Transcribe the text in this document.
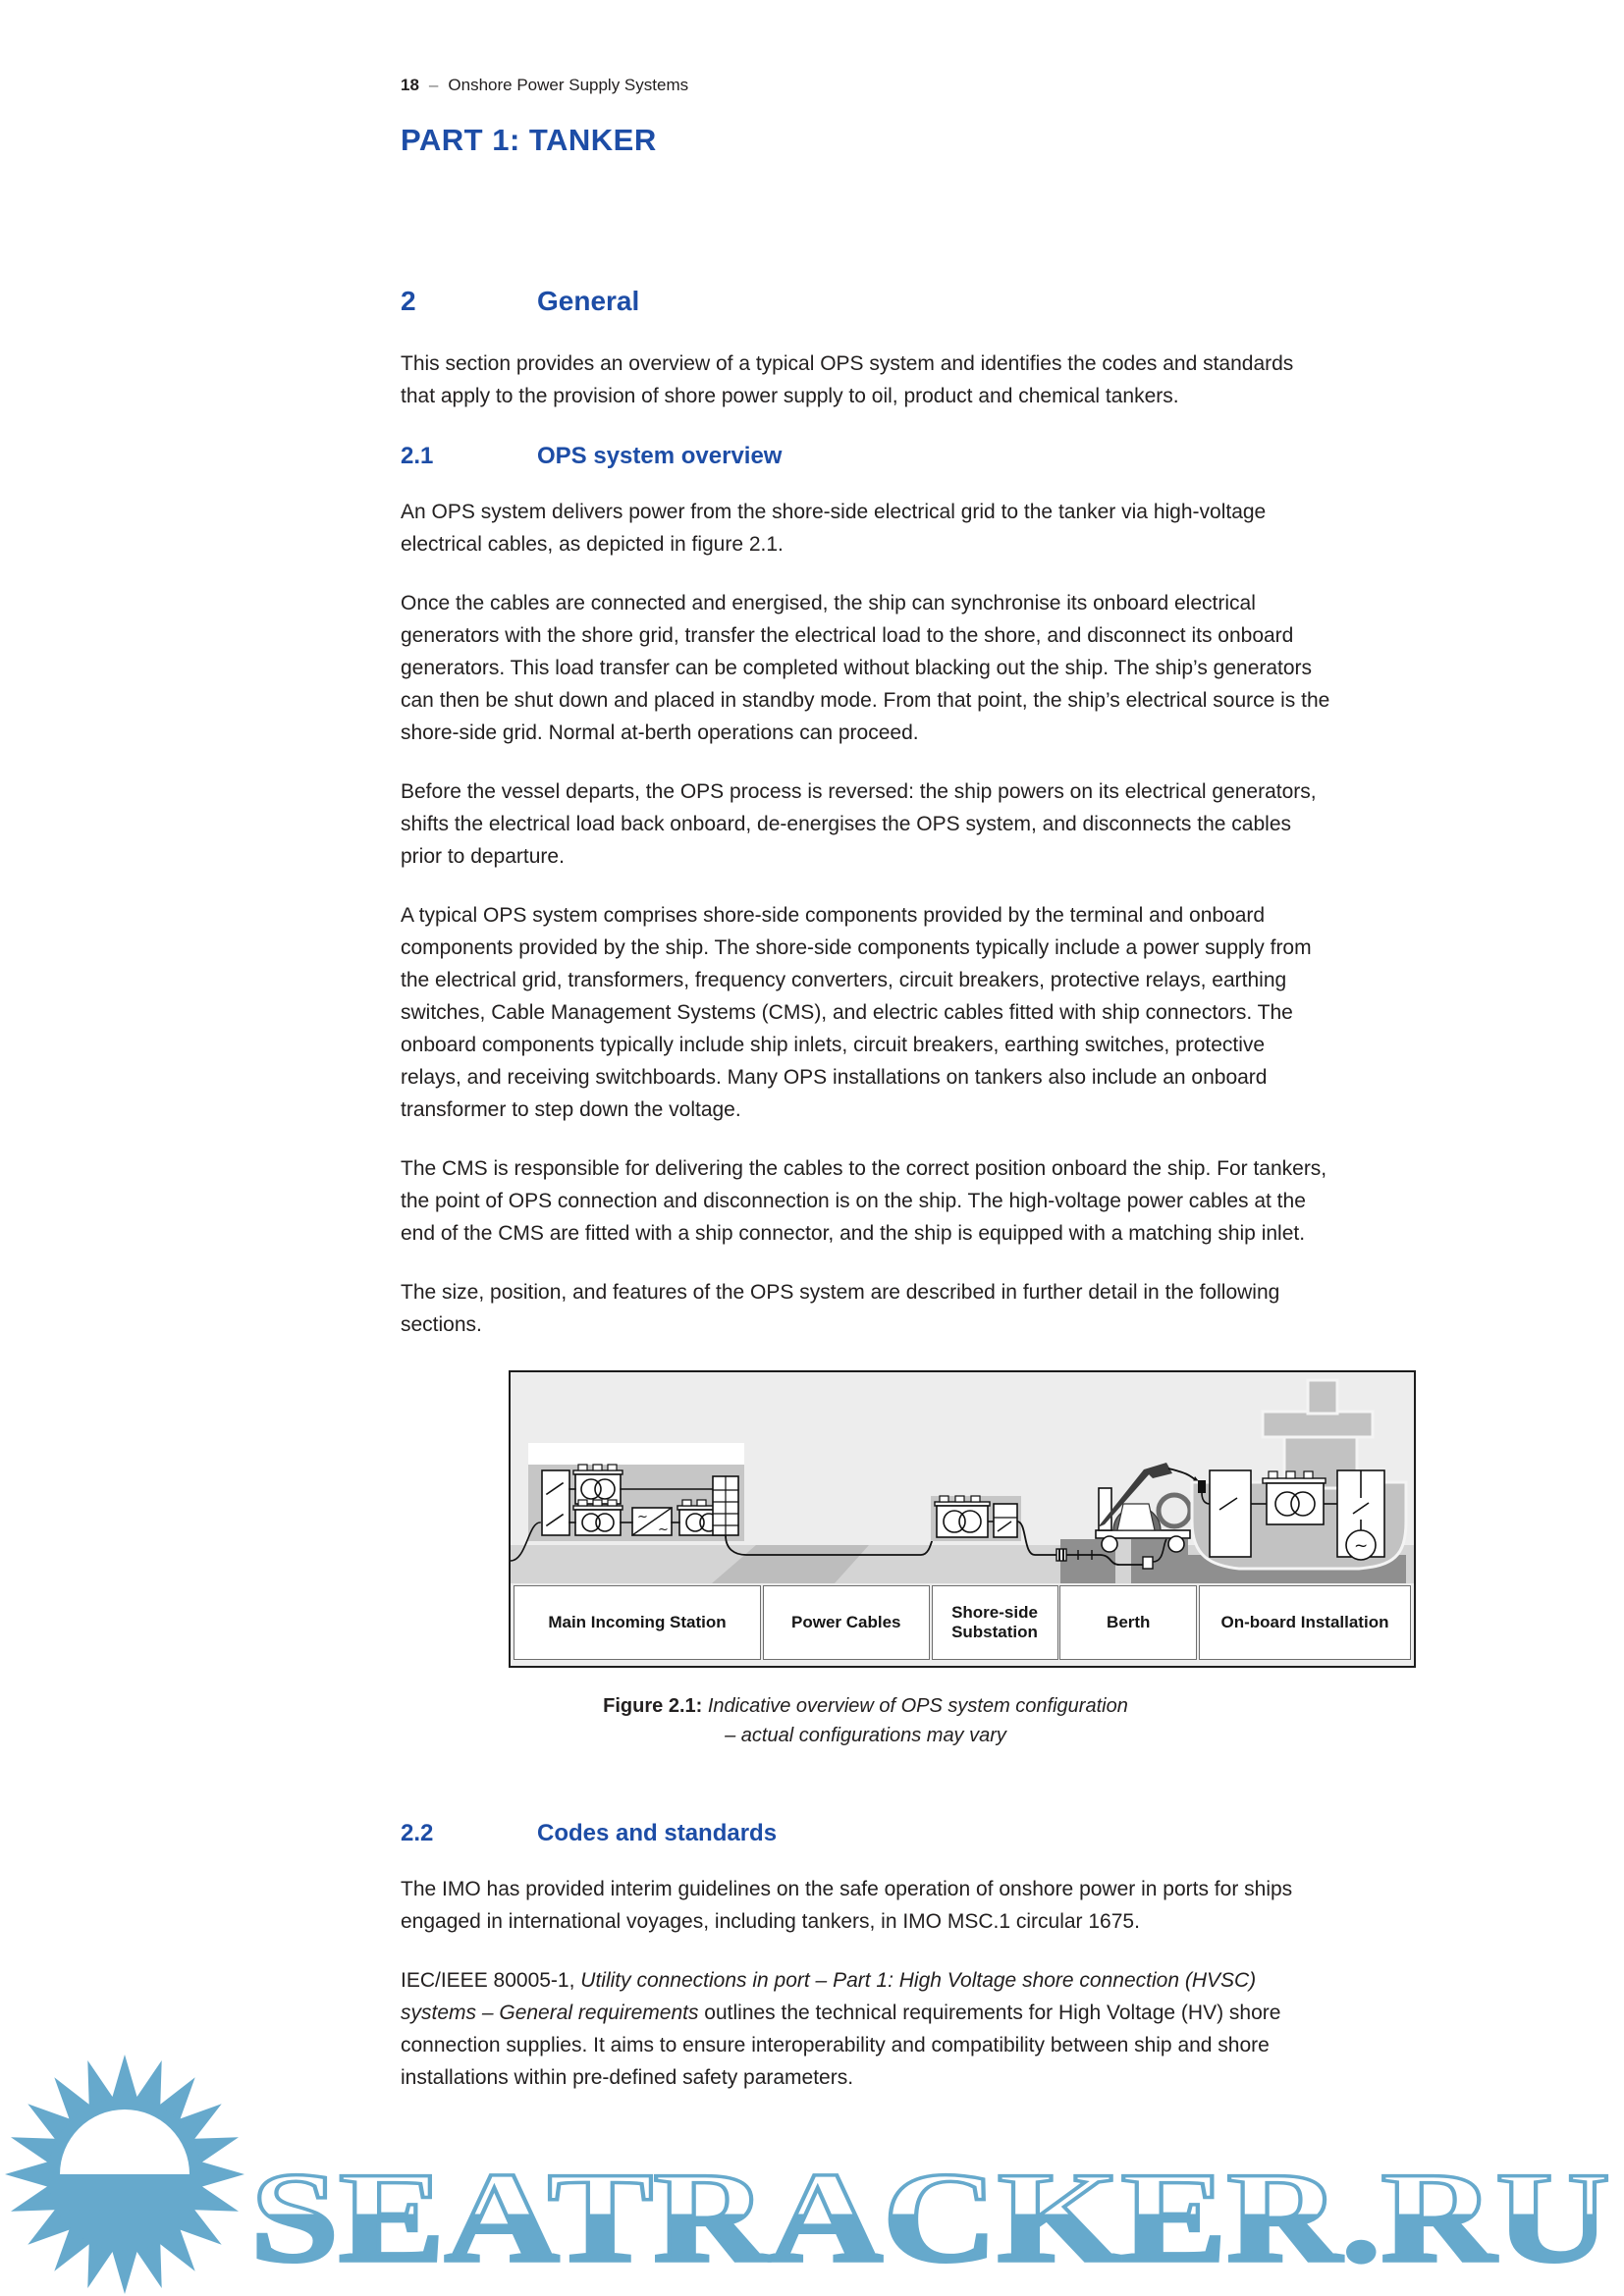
18 – Onshore Power Supply Systems
PART 1: TANKER
2	General

This section provides an overview of a typical OPS system and identifies the codes and standards that apply to the provision of shore power supply to oil, product and chemical tankers.

2.1	OPS system overview

An OPS system delivers power from the shore-side electrical grid to the tanker via high-voltage electrical cables, as depicted in figure 2.1.

Once the cables are connected and energised, the ship can synchronise its onboard electrical generators with the shore grid, transfer the electrical load to the shore, and disconnect its onboard generators. This load transfer can be completed without blacking out the ship. The ship’s generators can then be shut down and placed in standby mode. From that point, the ship’s electrical source is the shore-side grid. Normal at-berth operations can proceed.

Before the vessel departs, the OPS process is reversed: the ship powers on its electrical generators, shifts the electrical load back onboard, de-energises the OPS system, and disconnects the cables prior to departure.

A typical OPS system comprises shore-side components provided by the terminal and onboard components provided by the ship. The shore-side components typically include a power supply from the electrical grid, transformers, frequency converters, circuit breakers, protective relays, earthing switches, Cable Management Systems (CMS), and electric cables fitted with ship connectors. The onboard components typically include ship inlets, circuit breakers, earthing switches, protective relays, and receiving switchboards. Many OPS installations on tankers also include an onboard transformer to step down the voltage.

The CMS is responsible for delivering the cables to the correct position onboard the ship. For tankers, the point of OPS connection and disconnection is on the ship. The high-voltage power cables at the end of the CMS are fitted with a ship connector, and the ship is equipped with a matching ship inlet.

The size, position, and features of the OPS system are described in further detail in the following sections.

~
~
~
Main Incoming Station	Power Cables
Shore-side Substation
Berth	On-board Installation
Figure 2.1: Indicative overview of OPS system configuration
– actual configurations may vary
2.2	Codes and standards

The IMO has provided interim guidelines on the safe operation of onshore power in ports for ships engaged in international voyages, including tankers, in IMO MSC.1 circular 1675.

IEC/IEEE 80005-1, Utility connections in port – Part 1: High Voltage shore connection (HVSC) systems – General requirements outlines the technical requirements for High Voltage (HV) shore connection supplies. It aims to ensure interoperability and compatibility between ship and shore installations within pre-defined safety parameters.

SEATRACKER.RU
